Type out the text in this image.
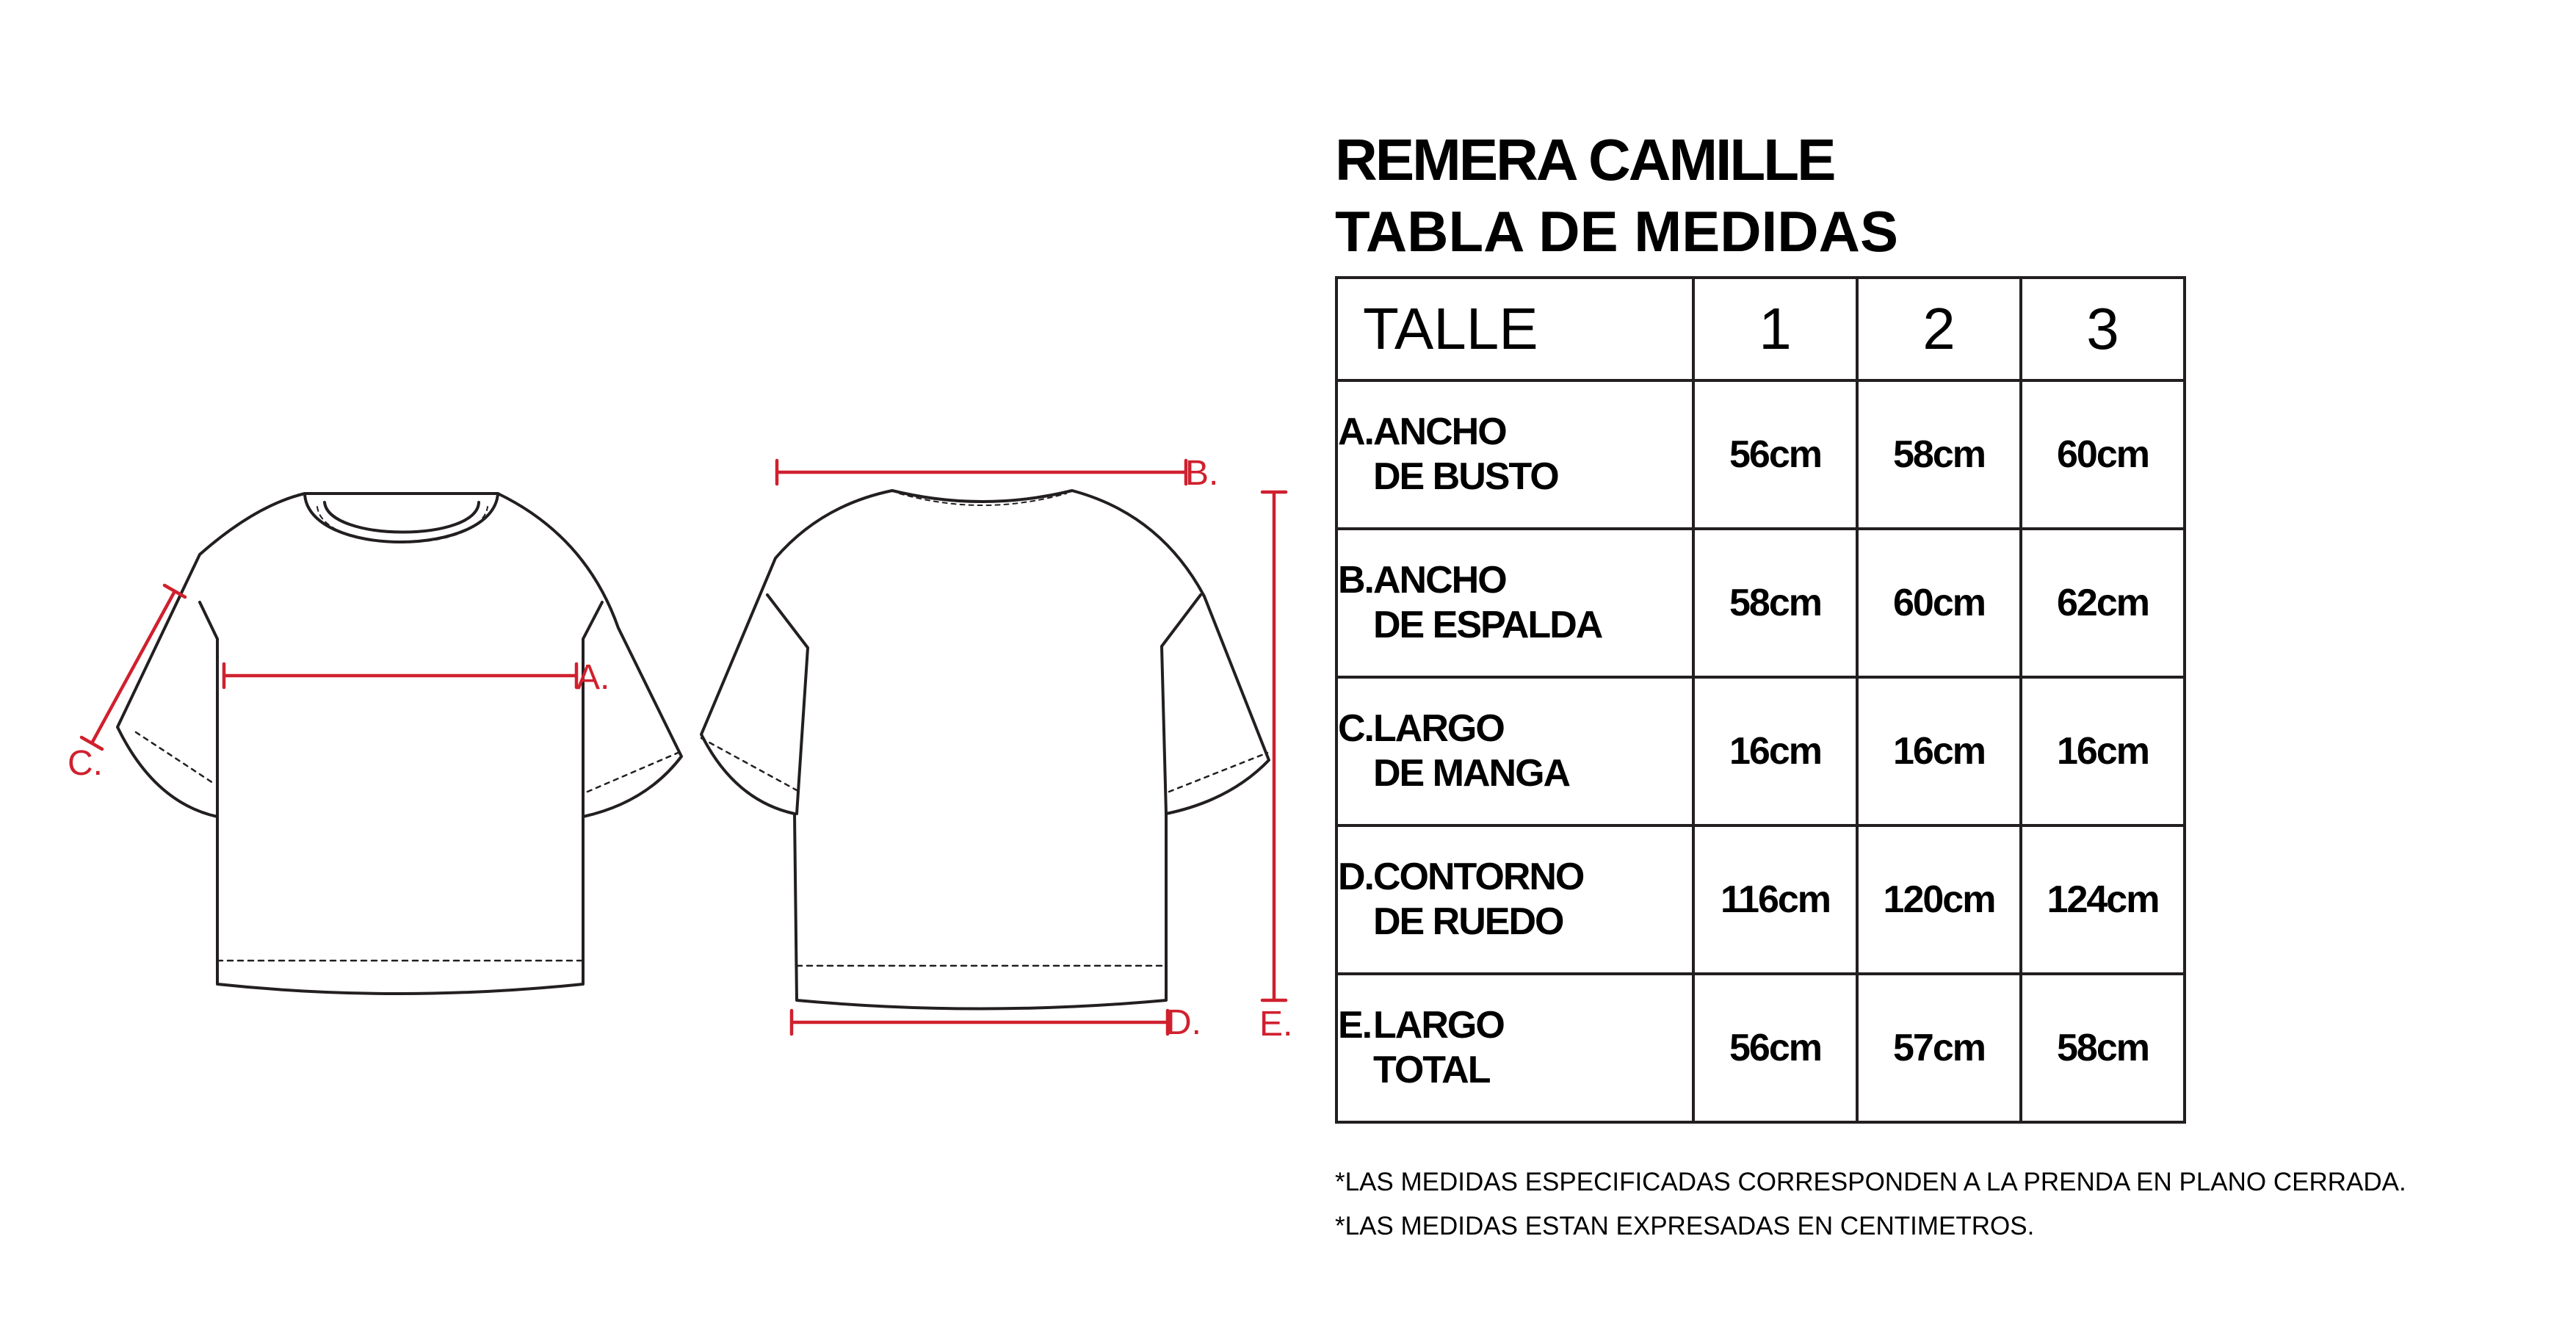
A.
B.
C.
D. E.
REMERA CAMILLE
TABLA DE MEDIDAS
TALLE	1	2	3
A.ANCHO
DE BUSTO	56cm	58cm	60cm
B.ANCHO
DE ESPALDA	58cm	60cm	62cm
C.LARGO
DE MANGA	16cm	16cm	16cm
D.CONTORNO
DE RUEDO	116cm	120cm	124cm
E.LARGO
TOTAL	56cm	57cm	58cm

*LAS MEDIDAS ESPECIFICADAS CORRESPONDEN A LA PRENDA EN PLANO CERRADA.

*LAS MEDIDAS ESTAN EXPRESADAS EN CENTIMETROS.
